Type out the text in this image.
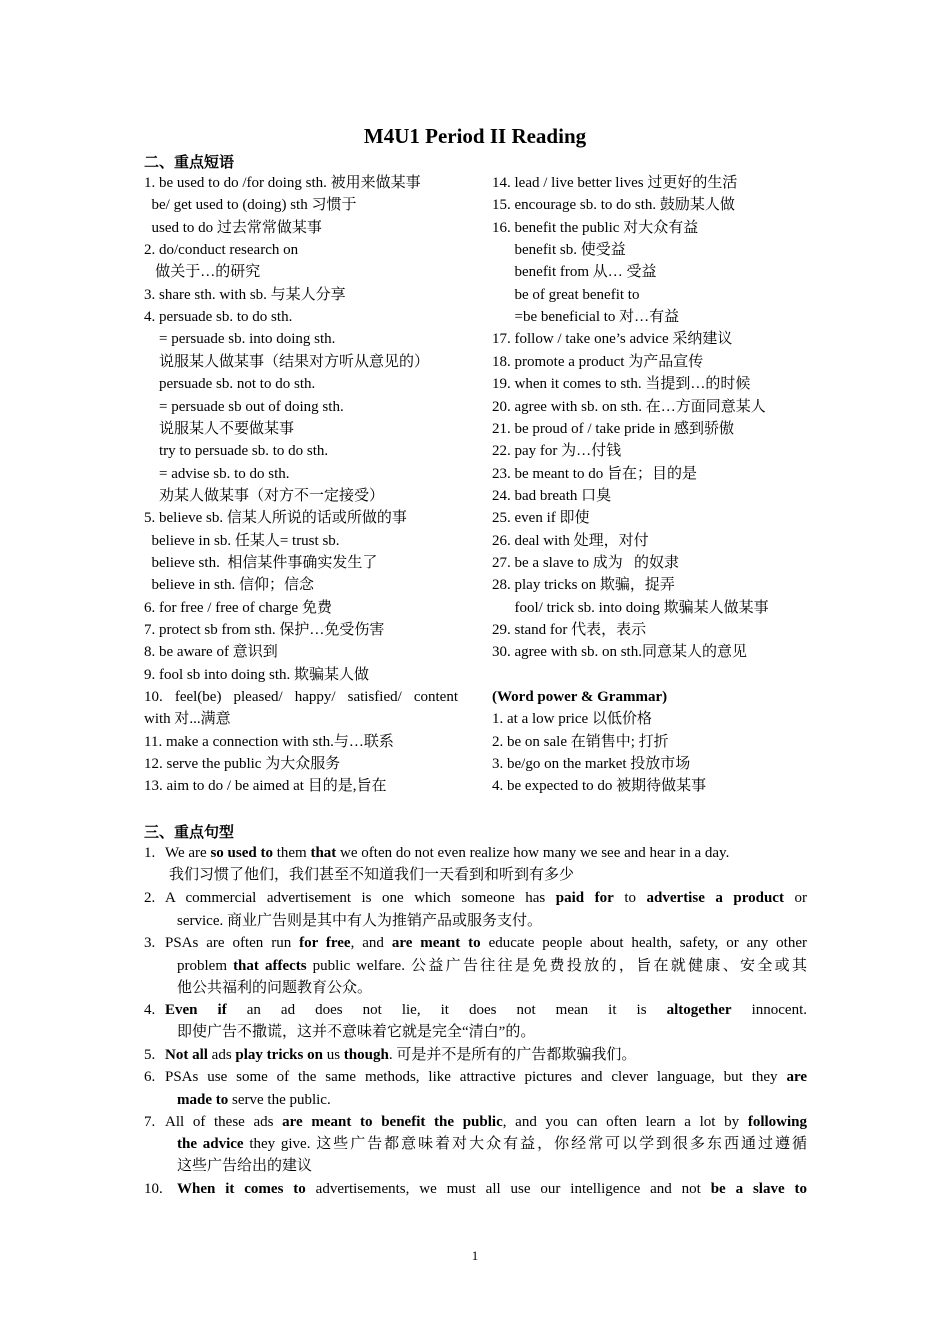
M4U1 Period II Reading
二、重点短语
1. be used to do /for doing sth. 被用来做某事
be/ get used to (doing) sth 习惯于
used to do 过去常常做某事
2. do/conduct research on
做关于…的研究
3. share sth. with sb. 与某人分享
4. persuade sb. to do sth.
= persuade sb. into doing sth.
说服某人做某事（结果对方听从意见的）
persuade sb. not to do sth.
= persuade sb out of doing sth.
说服某人不要做某事
try to persuade sb. to do sth.
= advise sb. to do sth.
劝某人做某事（对方不一定接受）
5. believe sb. 信某人所说的话或所做的事
believe in sb. 任某人= trust sb.
believe sth.  相信某件事确实发生了
believe in sth. 信仰；信念
6. for free / free of charge 免费
7. protect sb from sth. 保护…免受伤害
8. be aware of 意识到
9. fool sb into doing sth. 欺骗某人做
10. feel(be) pleased/ happy/ satisfied/ content
with 对...满意
11. make a connection with sth.与…联系
12. serve the public 为大众服务
13. aim to do / be aimed at 目的是,旨在
14. lead / live better lives 过更好的生活
15. encourage sb. to do sth. 鼓励某人做
16. benefit the public 对大众有益
benefit sb. 使受益
benefit from 从… 受益
be of great benefit to
=be beneficial to 对…有益
17. follow / take one’s advice 采纳建议
18. promote a product 为产品宣传
19. when it comes to sth. 当提到…的时候
20. agree with sb. on sth. 在…方面同意某人
21. be proud of / take pride in 感到骄傲
22. pay for 为…付钱
23. be meant to do 旨在；目的是
24. bad breath 口臭
25. even if 即使
26. deal with 处理，对付
27. be a slave to 成为   的奴隶
28. play tricks on 欺骗，捉弄
fool/ trick sb. into doing 欺骗某人做某事
29. stand for 代表，表示
30. agree with sb. on sth.同意某人的意见
(Word power & Grammar)
1. at a low price 以低价格
2. be on sale 在销售中; 打折
3. be/go on the market 投放市场
4. be expected to do 被期待做某事
三、重点句型
1. We are so used to them that we often do not even realize how many we see and hear in a day.
我们习惯了他们，我们甚至不知道我们一天看到和听到有多少
2. A commercial advertisement is one which someone has paid for to advertise a product or
service. 商业广告则是其中有人为推销产品或服务支付。
3. PSAs are often run for free, and are meant to educate people about health, safety, or any other
problem that affects public welfare. 公益广告往往是免费投放的，旨在就健康、安全或其
他公共福利的问题教育公众。
4. Even if an ad does not lie, it does not mean it is altogether innocent.
即使广告不撒谎，这并不意味着它就是完全“清白”的。
5. Not all ads play tricks on us though. 可是并不是所有的广告都欺骗我们。
6. PSAs use some of the same methods, like attractive pictures and clever language, but they are
made to serve the public.
7. All of these ads are meant to benefit the public, and you can often learn a lot by following
the advice they give. 这些广告都意味着对大众有益，你经常可以学到很多东西通过遵循
这些广告给出的建议
10. When it comes to advertisements, we must all use our intelligence and not be a slave to
1
